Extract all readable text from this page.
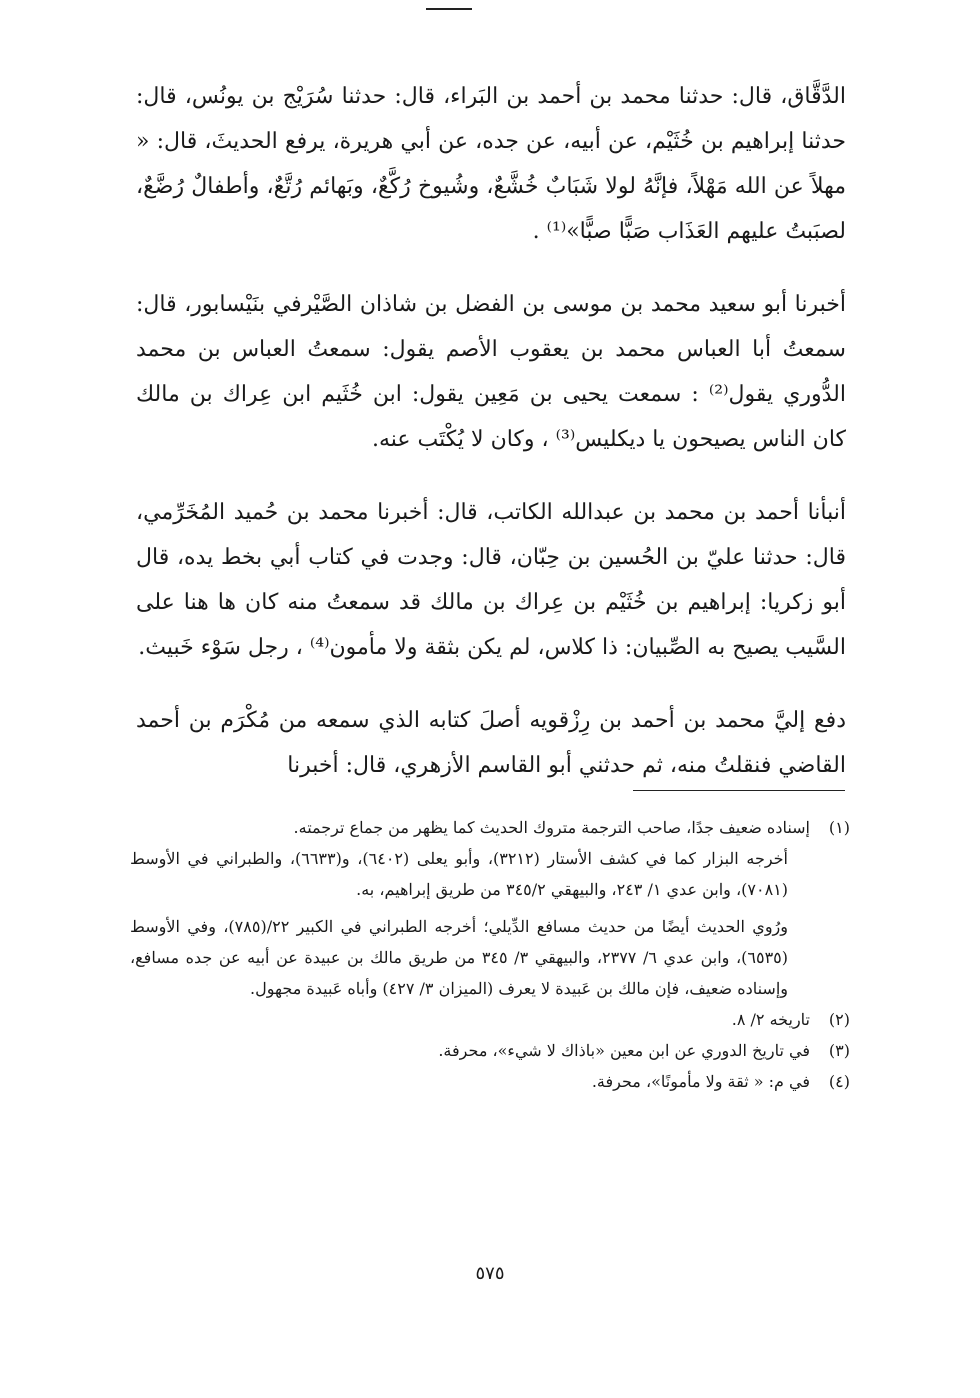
الدَّقَّاق، قال: حدثنا محمد بن أحمد بن البَراء، قال: حدثنا سُرَيْج بن يونُس، قال: حدثنا إبراهيم بن خُثَيْم، عن أبيه، عن جده، عن أبي هريرة، يرفع الحديثَ، قال: « مهلاً عن الله مَهْلاً، فإنَّهُ لولا شَبَابٌ خُشَّعٌ، وشُيوخ رُكَّعٌ، وبَهائم رُتَّعٌ، وأطفالٌ رُضَّعٌ، لصبَبتُ عليهم العَذَاب صَبًّا صبًّا»⁽¹⁾ .

أخبرنا أبو سعيد محمد بن موسى بن الفضل بن شاذان الصَّيْرفي بنَيْسابور، قال: سمعتُ أبا العباس محمد بن يعقوب الأصم يقول: سمعتُ العباس بن محمد الدُّوري يقول⁽²⁾ : سمعت يحيى بن مَعِين يقول: ابن خُثَيم ابن عِراك بن مالك كان الناس يصيحون يا ديكليس⁽³⁾ ، وكان لا يُكْتَب عنه.

أنبأنا أحمد بن محمد بن عبدالله الكاتب، قال: أخبرنا محمد بن حُميد المُخَرِّمي، قال: حدثنا عليّ بن الحُسين بن حِبّان، قال: وجدت في كتاب أبي بخط يده، قال أبو زكريا: إبراهيم بن خُثَيْم بن عِراك بن مالك قد سمعتُ منه كان ها هنا على السَّيب يصيح به الصِّبيان: ذا كلاس، لم يكن بثقة ولا مأمون⁽⁴⁾ ، رجل سَوْء خَبيث.

دفع إليَّ محمد بن أحمد بن رِزْقويه أصلَ كتابه الذي سمعه من مُكْرَم بن أحمد القاضي فنقلتُ منه، ثم حدثني أبو القاسم الأزهري، قال: أخبرنا

(١)
إسناده ضعيف جدًا، صاحب الترجمة متروك الحديث كما يظهر من جماع ترجمته.
أخرجه البزار كما في كشف الأستار (٣٢١٢)، وأبو يعلى (٦٤٠٢)، و(٦٦٣٣)، والطبراني في الأوسط (٧٠٨١)، وابن عدي ١/ ٢٤٣، والبيهقي ٣٤٥/٢ من طريق إبراهيم، به.
ورُوي الحديث أيضًا من حديث مسافع الدِّيلي؛ أخرجه الطبراني في الكبير ٢٢/(٧٨٥)، وفي الأوسط (٦٥٣٥)، وابن عدي ٦/ ٢٣٧٧، والبيهقي ٣/ ٣٤٥ من طريق مالك بن عبيدة عن أبيه عن جده مسافع، وإسناده ضعيف، فإن مالك بن عَبيدة لا يعرف (الميزان ٣/ ٤٢٧) وأباه عَبيدة مجهول.
(٢)
تاريخه ٢/ ٨.
(٣)
في تاريخ الدوري عن ابن معين «باذاك لا شيء»، محرفة.
(٤)
في م: « ثقة ولا مأمونًا»، محرفة.
٥٧٥
